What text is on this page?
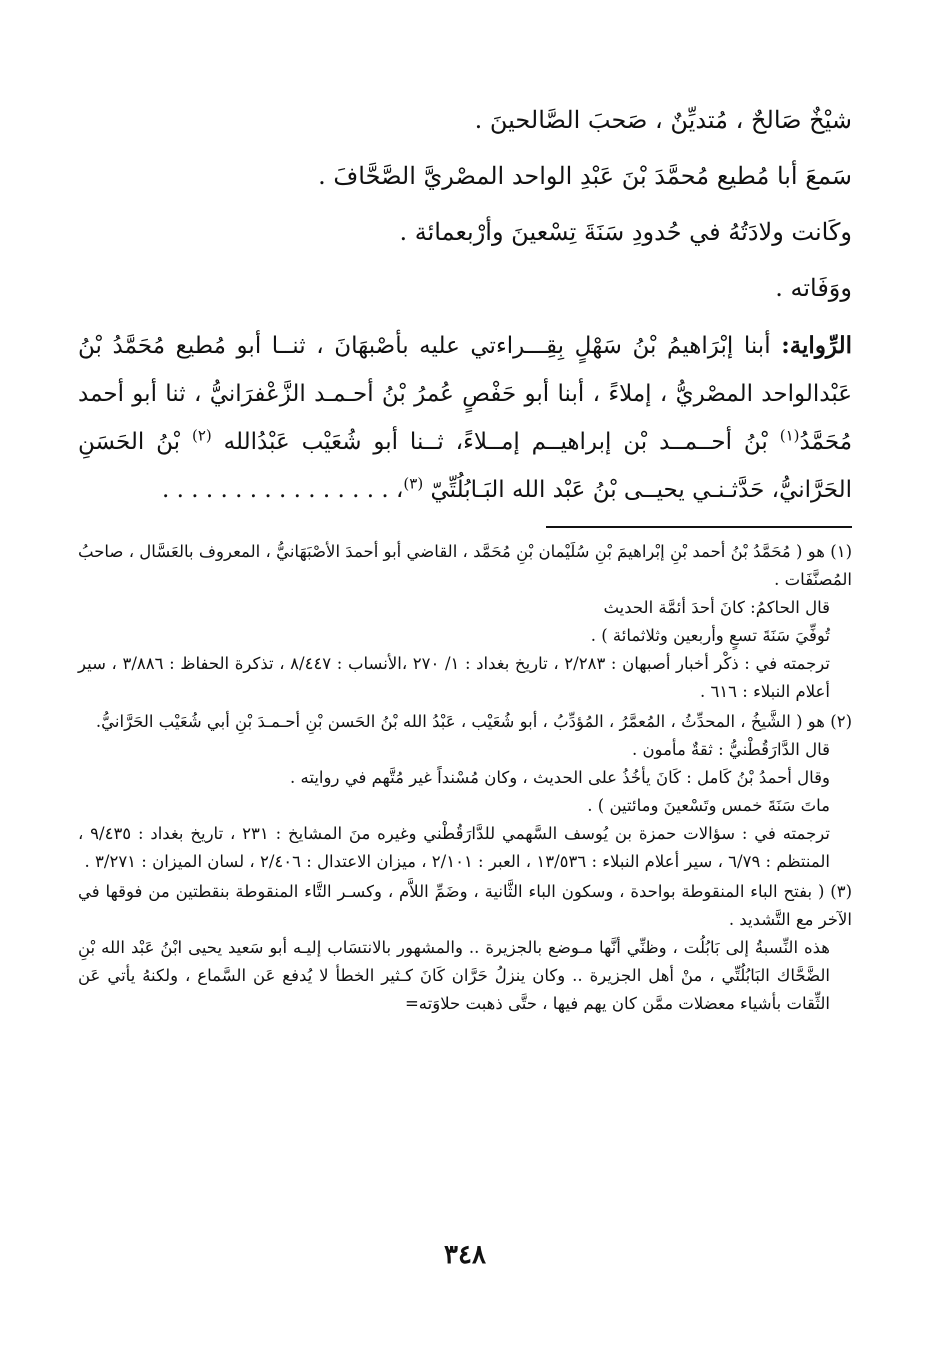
شيْخٌ صَالحٌ ، مُتديِّنٌ ، صَحبَ الصَّالحينَ .
سَمعَ أبا مُطيع مُحمَّدَ بْنَ عَبْدِ الواحد المصْريَّ الصَّحَّافَ .
وكَانت ولادَتُهُ في حُدودِ سَنَةَ تِسْعينَ وأرْبعمائة .
ووَفَاته .
الرِّواية: أبنا إبْرَاهيمُ بْنُ سَهْلٍ بِقِـــراءتي عليه بأصْبهَانَ ، ثنــا أبو مُطيع مُحَمَّدُ بْنُ عَبْدالواحد المصْريُّ ، إملاءً ، أبنا أبو حَفْصٍ عُمرُ بْنُ أحـمـد الزَّعْفرَانيُّ ، ثنا أبو أحمد مُحَمَّدُ$^{(١)}$ بْنُ أحــمــد بْن إبراهيــم إمــلاءً، ثــنا أبو شُعَيْب عَبْدُالله $^{(٢)}$ بْنُ الحَسَنِ الحَرَّانيُّ، حَدَّثـنـي يحيــى بْنُ عَبْد الله البَـابُلُتِّيّ $^{(٣)}$، . . . . . . . . . . . . . . . .

(١) هو ( مُحَمَّدُ بْنُ أحمد بْنِ إبْراهيمَ بْنِ سُلَيْمان بْنِ مُحَمَّد ، القاضي أبو أحمدَ الأصْبَهَانيُّ ، المعروف بالعَسَّال ، صاحبُ المُصنَّفَات .

قال الحاكمُ: كانَ أحدَ أئمَّة الحديث

تُوفِّيَ سَنَةَ تسعٍ وأربعين وثلاثمائة ) .

ترجمته في : ذكْر أخبار أصبهان : ٢/٢٨٣ ، تاريخ بغداد : ١/ ٢٧٠ ،الأنساب : ٨/٤٤٧ ، تذكرة الحفاظ : ٣/٨٨٦ ، سير أعلام النبلاء : ٦١٦ .

(٢) هو ( الشَّيخُ ، المحدِّثُ ، المُعمَّرُ ، المُؤدِّبُ ، أبو شُعَيْب ، عَبْدُ الله بْنُ الحَسن بْنِ أحـمـدَ بْنِ أبي شُعَيْب الحَرَّانيُّ.

قال الدَّارَقُطْنيُّ : ثقةٌ مأمون .

وقال أحمدُ بْنُ كَامل : كَانَ يأخُذُ على الحديث ، وكان مُسْنداً غير مُتَّهم في روايته .

ماتَ سَنَةَ خمس وتَسْعينَ ومائتين ) .

ترجمته في : سؤالات حمزة بن يُوسف السَّهمي للدَّارَقُطْني وغيره منَ المشايخ : ٢٣١ ، تاريخ بغداد : ٩/٤٣٥ ، المنتظم : ٦/٧٩ ، سير أعلام النبلاء : ١٣/٥٣٦ ، العبر : ٢/١٠١ ، ميزان الاعتدال : ٢/٤٠٦ ، لسان الميزان : ٣/٢٧١ .

(٣) ( بفتح الباء المنقوطة بواحدة ، وسكون الباء الثَّانية ، وضَمِّ اللاَّم ، وكسـر التَّاء المنقوطة بنقطتين من فوقها في الآخر مع التَّشديد .

هذه النِّسبةُ إلى بَابُلُت ، وظنِّي أنَّها مـوضع بالجزيرة .. والمشهور بالانتسَاب إليـه أبو سَعيد يحيى ابْنُ عَبْد الله بْنِ الضَّحَّاك البَابُلُتِّي ، منْ أهل الجزيرة .. وكان ينزلُ حَرَّان كَانَ كـثير الخطأ لا يُدفع عَن السَّماع ، ولكنهُ يأتي عَن الثِّقات بأشياء معضلات ممَّن كان يهم فيها ، حتَّى ذهبت حلاوَته=

٣٤٨
